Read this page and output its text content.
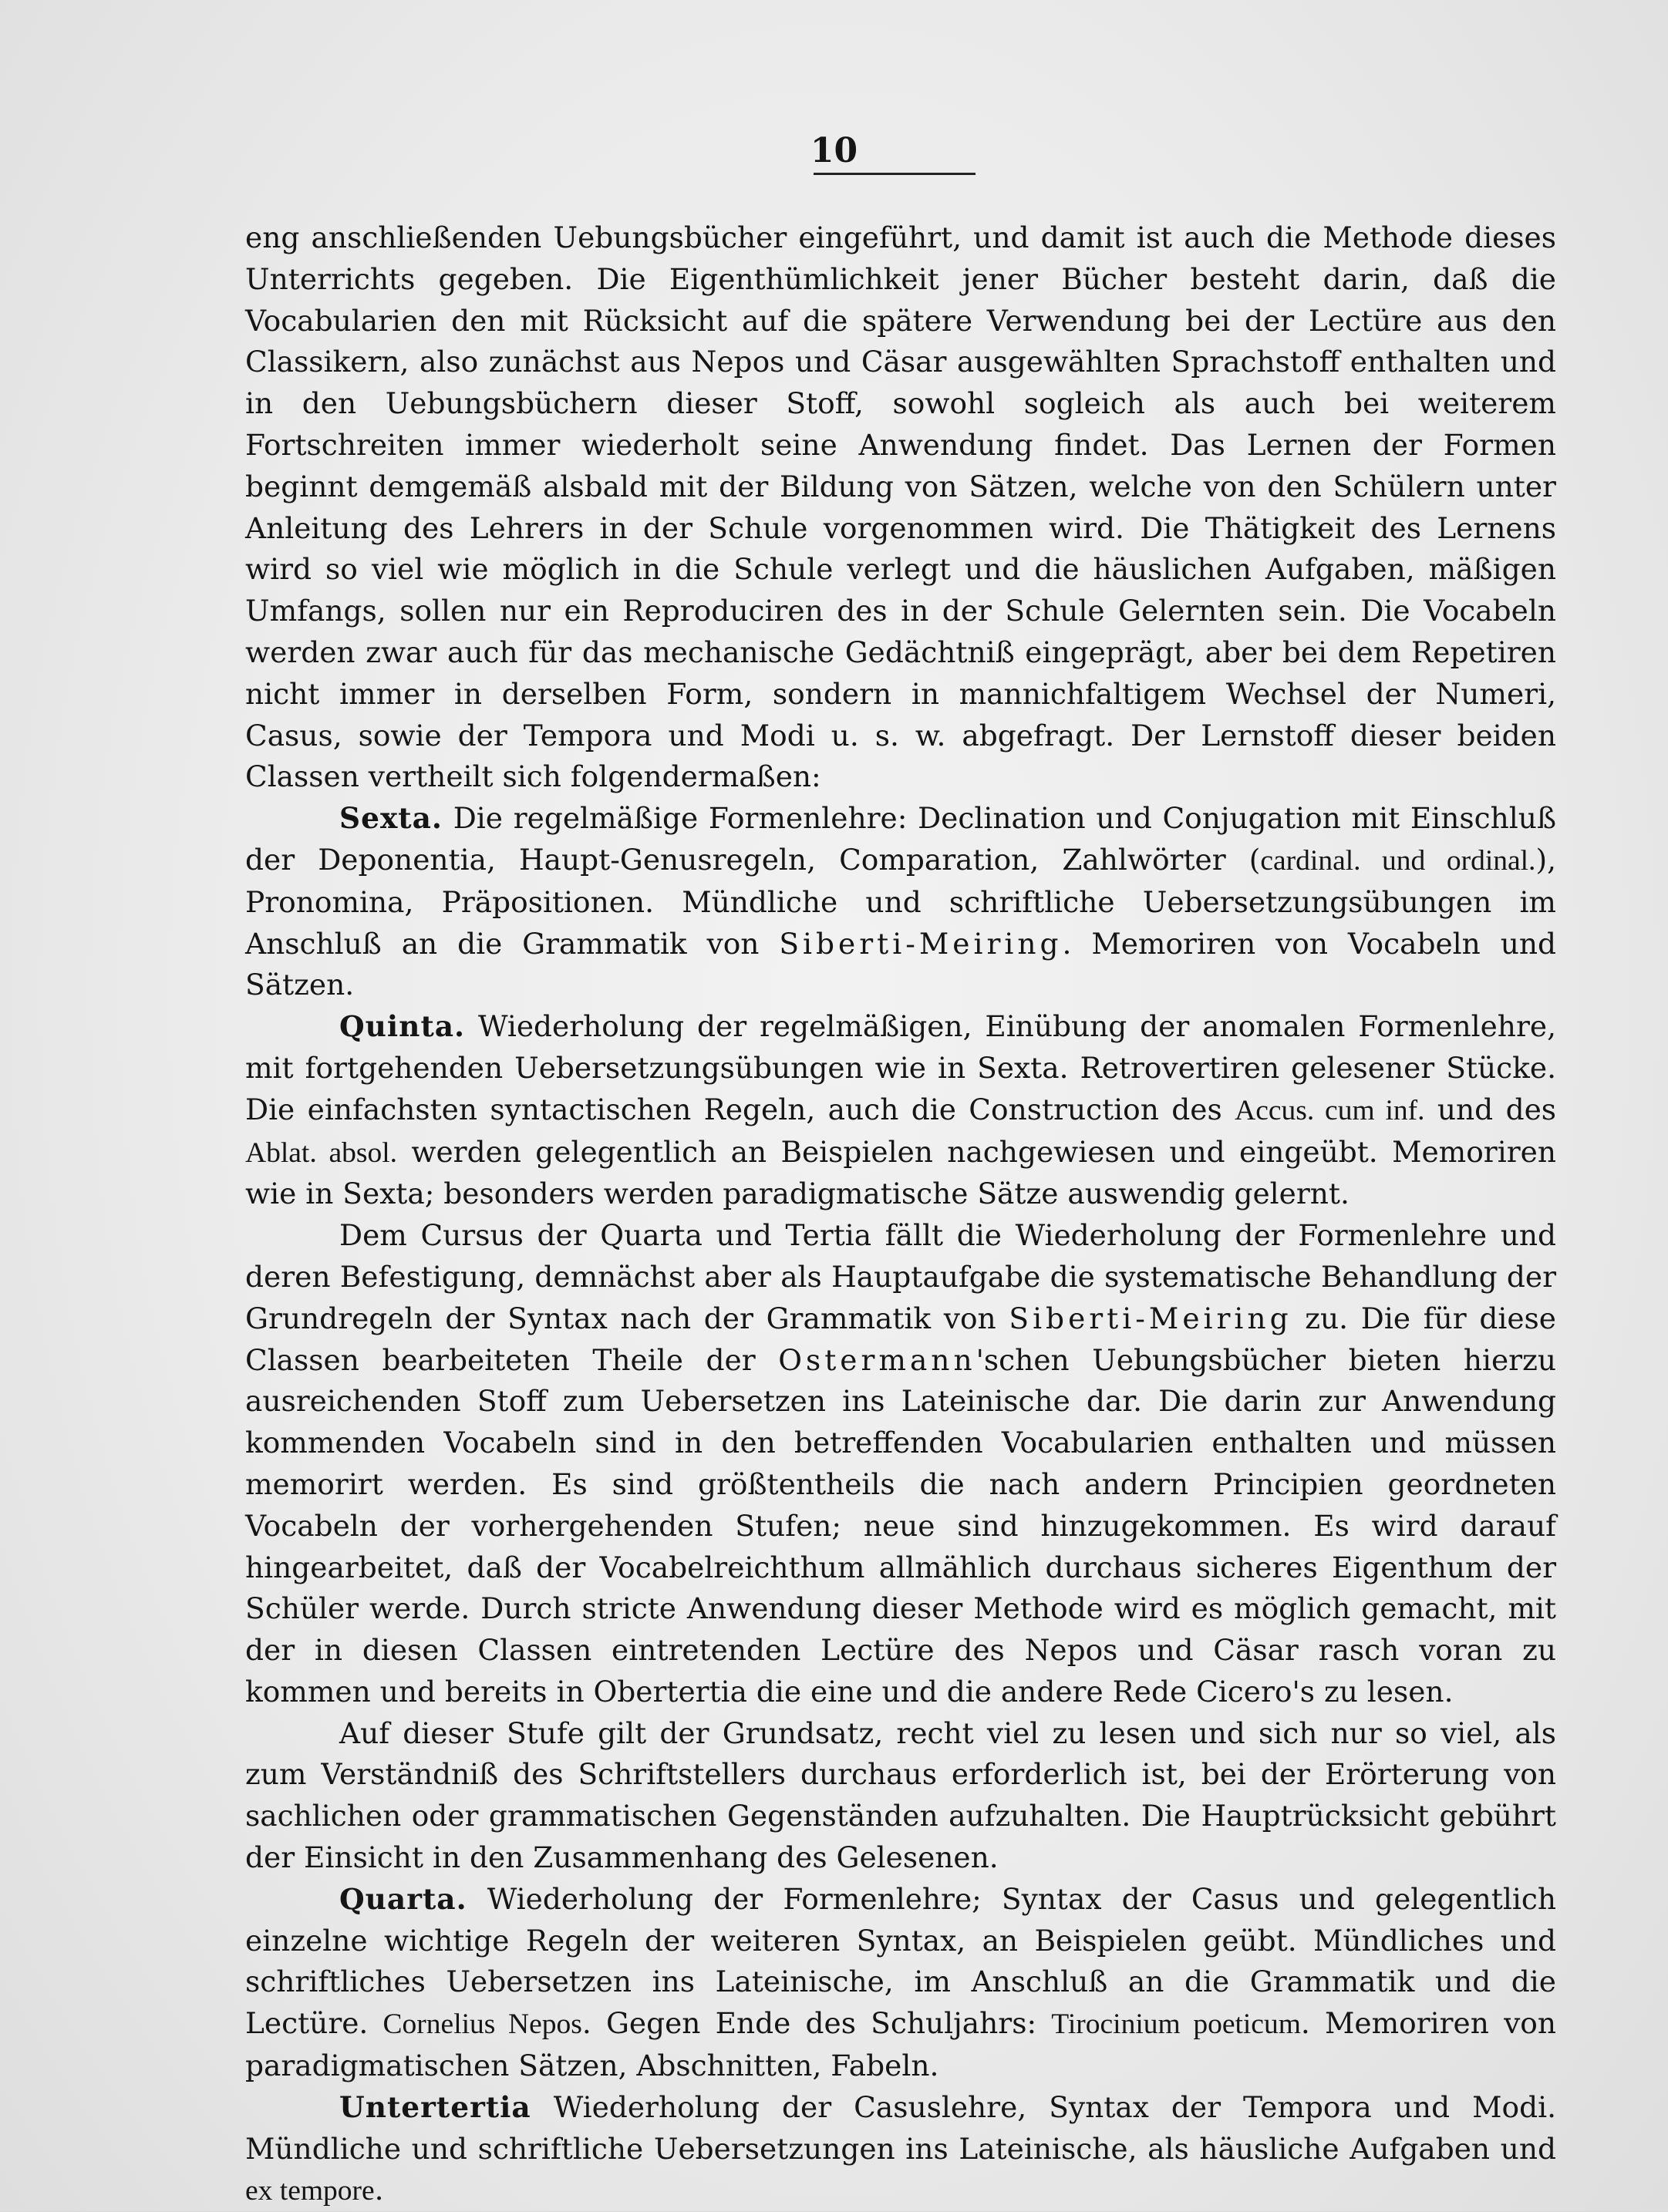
10

eng anschließenden Uebungsbücher eingeführt, und damit ist auch die Methode dieses Unterrichts gegeben. Die Eigenthümlichkeit jener Bücher besteht darin, daß die Vocabularien den mit Rücksicht auf die spätere Verwendung bei der Lectüre aus den Classikern, also zunächst aus Nepos und Cäsar ausgewählten Sprachstoff enthalten und in den Uebungsbüchern dieser Stoff, sowohl sogleich als auch bei weiterem Fortschreiten immer wiederholt seine Anwendung findet. Das Lernen der Formen beginnt demgemäß alsbald mit der Bildung von Sätzen, welche von den Schülern unter Anleitung des Lehrers in der Schule vorgenommen wird. Die Thätigkeit des Lernens wird so viel wie möglich in die Schule verlegt und die häuslichen Aufgaben, mäßigen Umfangs, sollen nur ein Reproduciren des in der Schule Gelernten sein. Die Vocabeln werden zwar auch für das mechanische Gedächtniß eingeprägt, aber bei dem Repetiren nicht immer in derselben Form, sondern in mannichfaltigem Wechsel der Numeri, Casus, sowie der Tempora und Modi u. s. w. abgefragt. Der Lernstoff dieser beiden Classen vertheilt sich folgendermaßen:

Sexta. Die regelmäßige Formenlehre: Declination und Conjugation mit Einschluß der Deponentia, Haupt-Genusregeln, Comparation, Zahlwörter (cardinal. und ordinal.), Pronomina, Präpositionen. Mündliche und schriftliche Uebersetzungsübungen im Anschluß an die Grammatik von Siberti-Meiring. Memoriren von Vocabeln und Sätzen.

Quinta. Wiederholung der regelmäßigen, Einübung der anomalen Formenlehre, mit fortgehenden Uebersetzungsübungen wie in Sexta. Retrovertiren gelesener Stücke. Die einfachsten syntactischen Regeln, auch die Construction des Accus. cum inf. und des Ablat. absol. werden gelegentlich an Beispielen nachgewiesen und eingeübt. Memoriren wie in Sexta; besonders werden paradigmatische Sätze auswendig gelernt.

Dem Cursus der Quarta und Tertia fällt die Wiederholung der Formenlehre und deren Befestigung, demnächst aber als Hauptaufgabe die systematische Behandlung der Grundregeln der Syntax nach der Grammatik von Siberti-Meiring zu. Die für diese Classen bearbeiteten Theile der Ostermann'schen Uebungsbücher bieten hierzu ausreichenden Stoff zum Uebersetzen ins Lateinische dar. Die darin zur Anwendung kommenden Vocabeln sind in den betreffenden Vocabularien enthalten und müssen memorirt werden. Es sind größtentheils die nach andern Principien geordneten Vocabeln der vorhergehenden Stufen; neue sind hinzugekommen. Es wird darauf hingearbeitet, daß der Vocabelreichthum allmählich durchaus sicheres Eigenthum der Schüler werde. Durch stricte Anwendung dieser Methode wird es möglich gemacht, mit der in diesen Classen eintretenden Lectüre des Nepos und Cäsar rasch voran zu kommen und bereits in Obertertia die eine und die andere Rede Cicero's zu lesen.

Auf dieser Stufe gilt der Grundsatz, recht viel zu lesen und sich nur so viel, als zum Verständniß des Schriftstellers durchaus erforderlich ist, bei der Erörterung von sachlichen oder grammatischen Gegenständen aufzuhalten. Die Hauptrücksicht gebührt der Einsicht in den Zusammenhang des Gelesenen.

Quarta. Wiederholung der Formenlehre; Syntax der Casus und gelegentlich einzelne wichtige Regeln der weiteren Syntax, an Beispielen geübt. Mündliches und schriftliches Uebersetzen ins Lateinische, im Anschluß an die Grammatik und die Lectüre. Cornelius Nepos. Gegen Ende des Schuljahrs: Tirocinium poeticum. Memoriren von paradigmatischen Sätzen, Abschnitten, Fabeln.

Untertertia Wiederholung der Casuslehre, Syntax der Tempora und Modi. Mündliche und schriftliche Uebersetzungen ins Lateinische, als häusliche Aufgaben und ex tempore.
